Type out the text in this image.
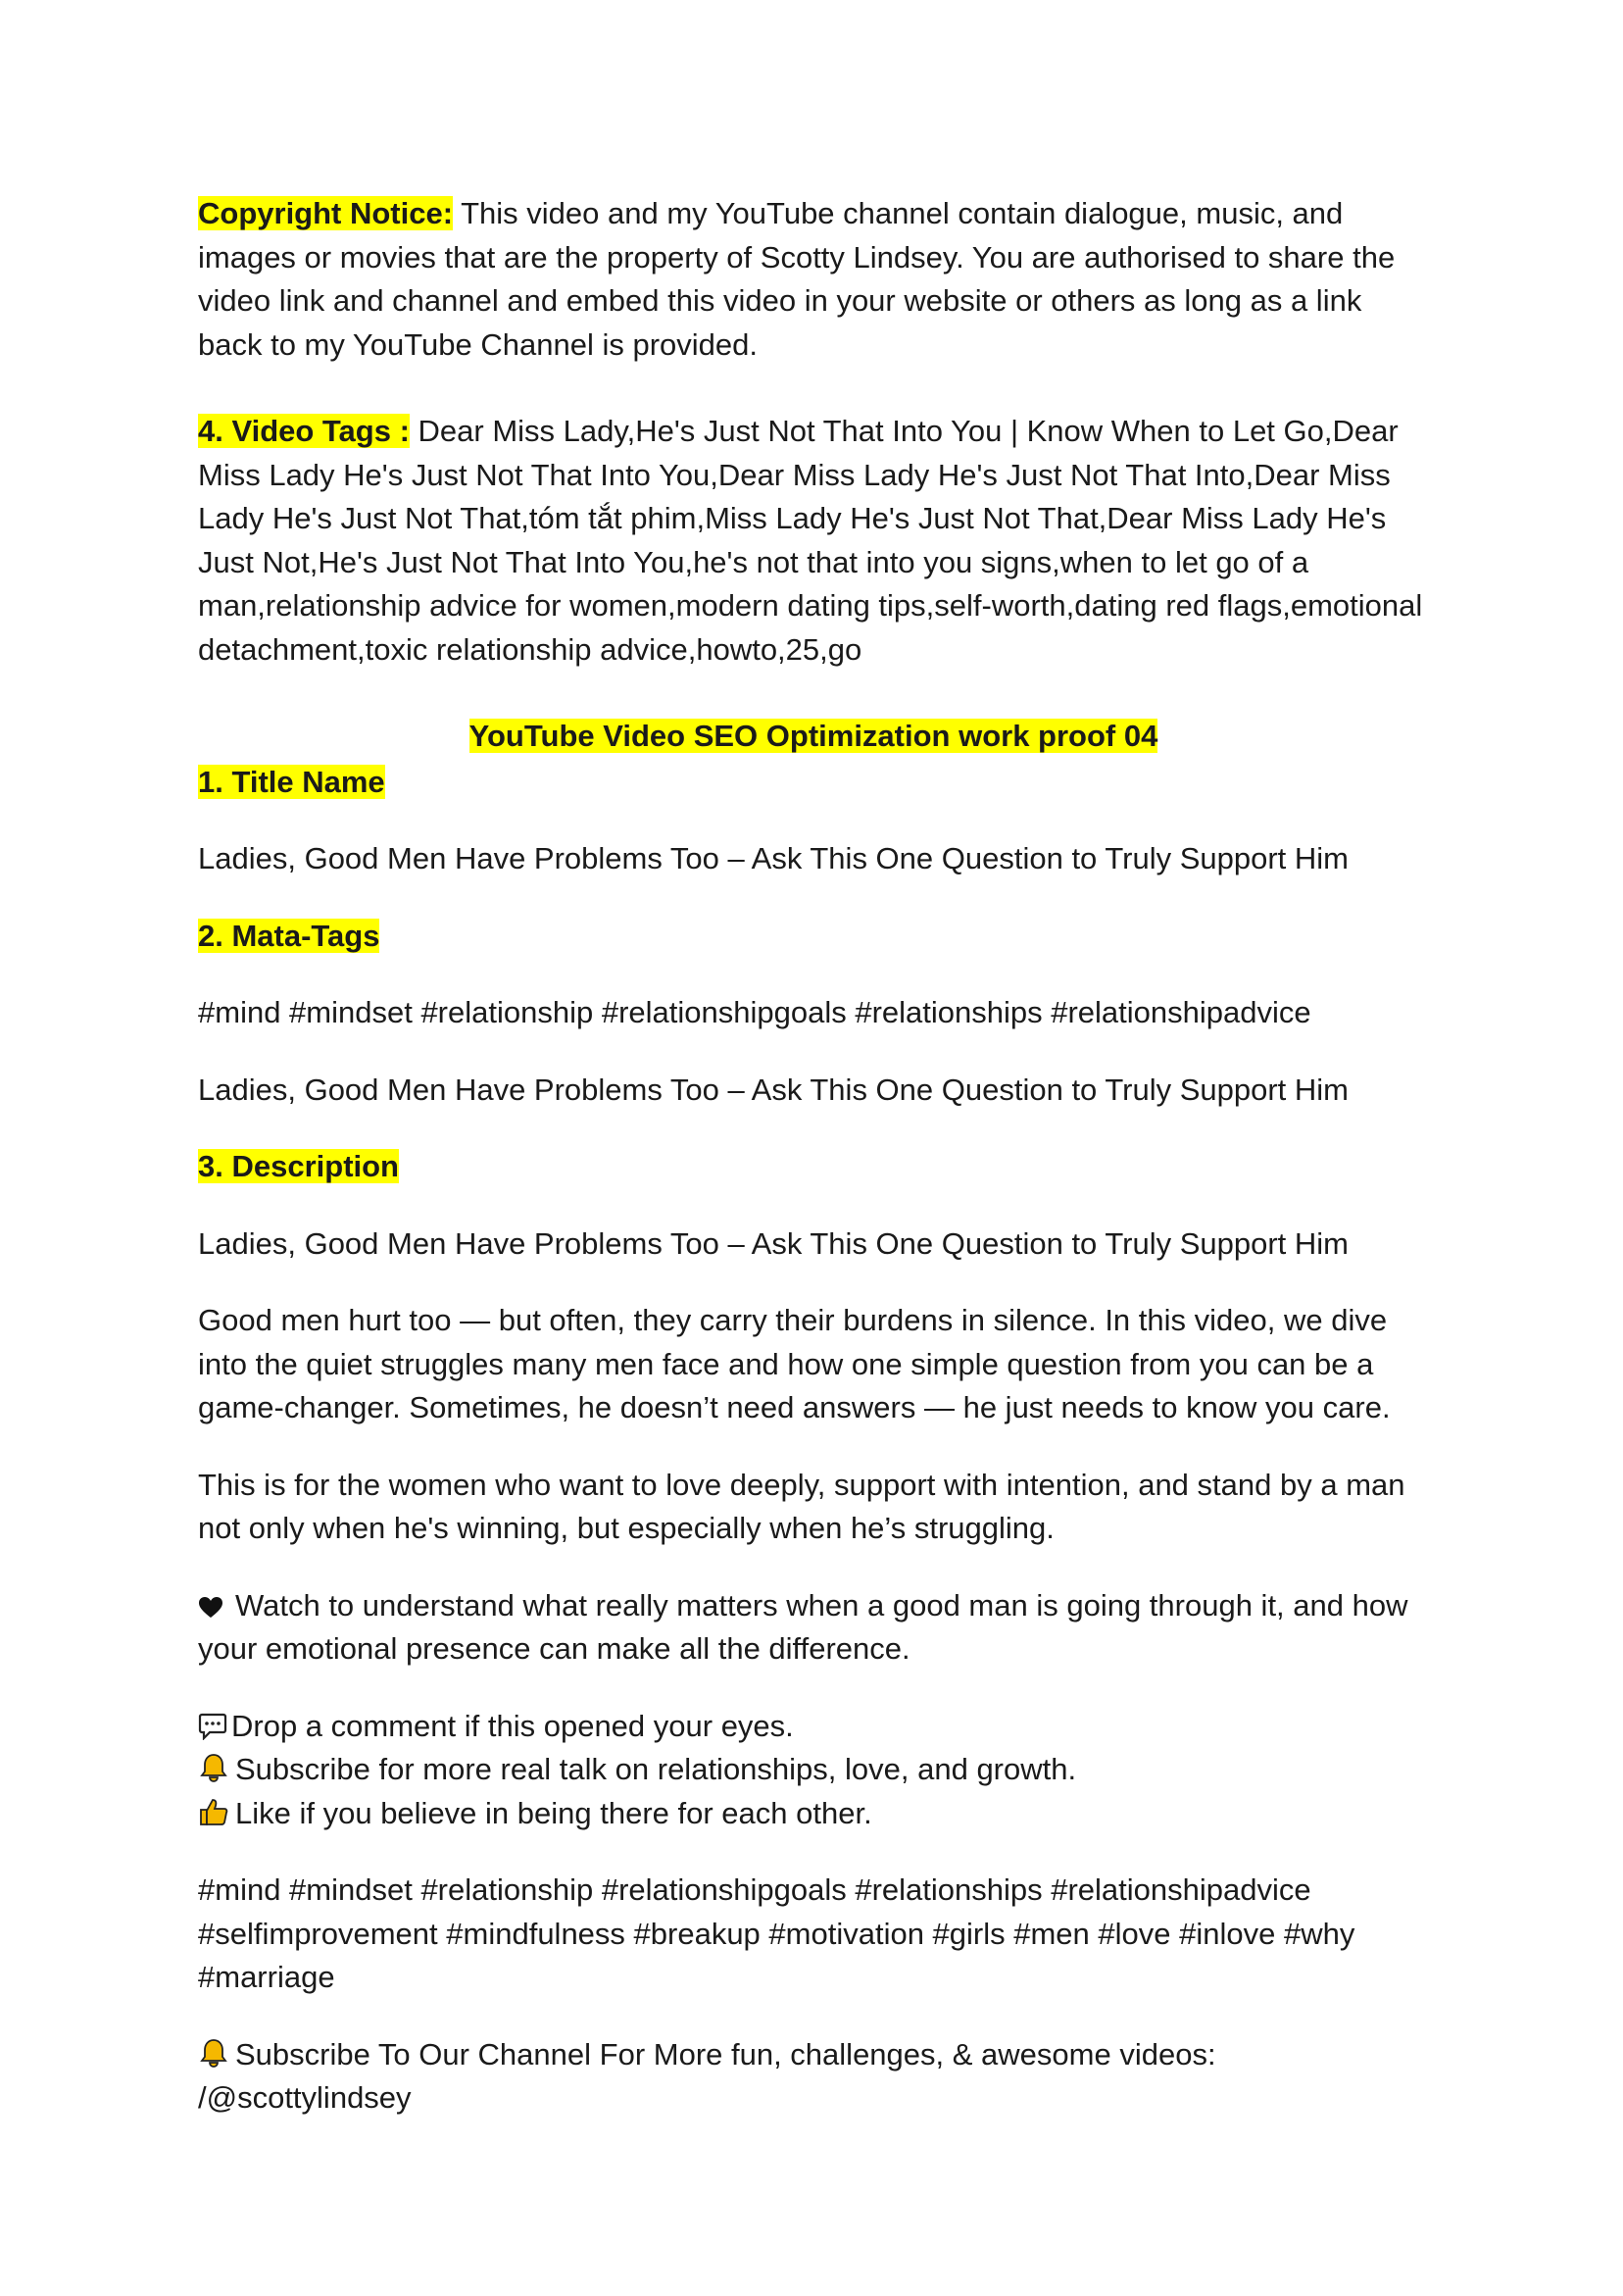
Copyright Notice: This video and my YouTube channel contain dialogue, music, and images or movies that are the property of Scotty Lindsey. You are authorised to share the video link and channel and embed this video in your website or others as long as a link back to my YouTube Channel is provided.

4. Video Tags : Dear Miss Lady,He's Just Not That Into You | Know When to Let Go,Dear Miss Lady He's Just Not That Into You,Dear Miss Lady He's Just Not That Into,Dear Miss Lady He's Just Not That,tóm tắt phim,Miss Lady He's Just Not That,Dear Miss Lady He's Just Not,He's Just Not That Into You,he's not that into you signs,when to let go of a man,relationship advice for women,modern dating tips,self-worth,dating red flags,emotional detachment,toxic relationship advice,howto,25,go

YouTube Video SEO Optimization work proof 04

1. Title Name

Ladies, Good Men Have Problems Too – Ask This One Question to Truly Support Him

2. Mata-Tags

#mind #mindset #relationship #relationshipgoals #relationships #relationshipadvice

Ladies, Good Men Have Problems Too – Ask This One Question to Truly Support Him

3. Description

Ladies, Good Men Have Problems Too – Ask This One Question to Truly Support Him

Good men hurt too — but often, they carry their burdens in silence. In this video, we dive into the quiet struggles many men face and how one simple question from you can be a game-changer. Sometimes, he doesn’t need answers — he just needs to know you care.

This is for the women who want to love deeply, support with intention, and stand by a man not only when he's winning, but especially when he’s struggling.

Watch to understand what really matters when a good man is going through it, and how your emotional presence can make all the difference.

Drop a comment if this opened your eyes.
Subscribe for more real talk on relationships, love, and growth.
Like if you believe in being there for each other.

#mind #mindset #relationship #relationshipgoals #relationships #relationshipadvice #selfimprovement #mindfulness #breakup #motivation #girls #men #love #inlove #why #marriage

Subscribe To Our Channel For More fun, challenges, & awesome videos:
/@scottylindsey
